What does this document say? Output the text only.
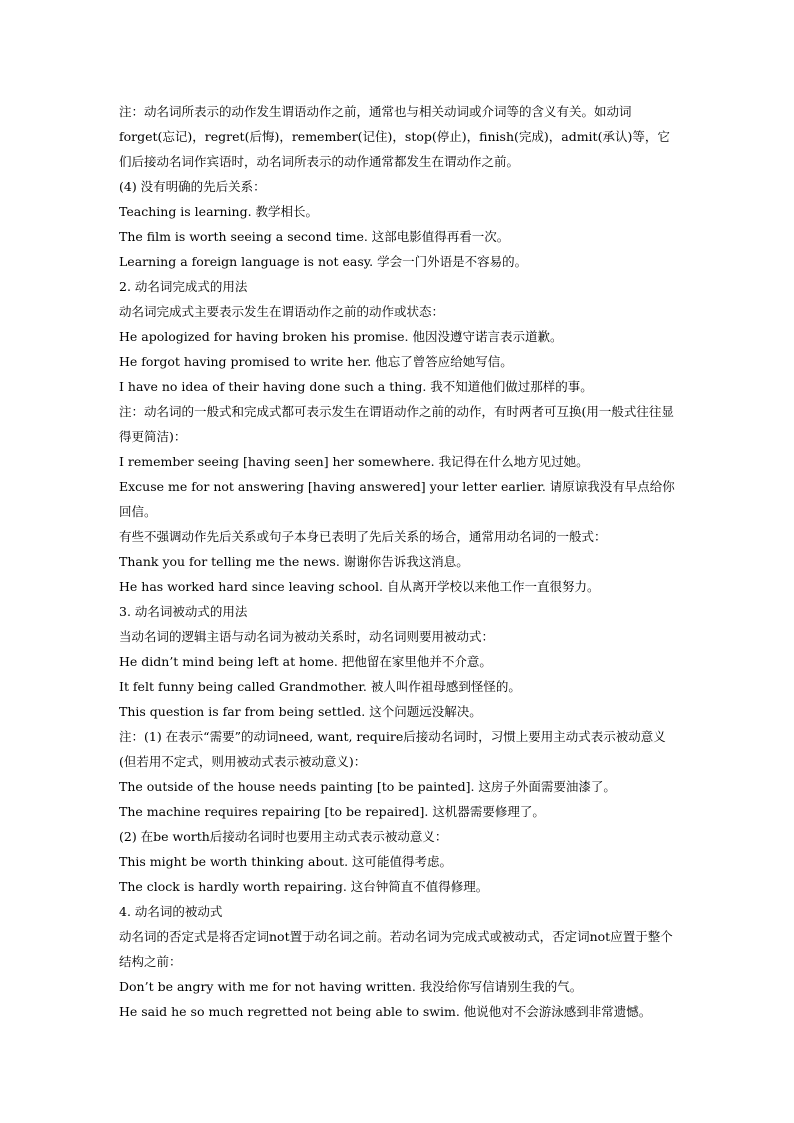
注：动名词所表示的动作发生谓语动作之前，通常也与相关动词或介词等的含义有关。如动词forget(忘记)，regret(后悔)，remember(记住)，stop(停止)，finish(完成)，admit(承认)等，它们后接动名词作宾语时，动名词所表示的动作通常都发生在谓动作之前。
(4) 没有明确的先后关系：
Teaching is learning. 教学相长。
The film is worth seeing a second time. 这部电影值得再看一次。
Learning a foreign language is not easy. 学会一门外语是不容易的。
2. 动名词完成式的用法
动名词完成式主要表示发生在谓语动作之前的动作或状态：
He apologized for having broken his promise. 他因没遵守诺言表示道歉。
He forgot having promised to write her. 他忘了曾答应给她写信。
I have no idea of their having done such a thing. 我不知道他们做过那样的事。
注：动名词的一般式和完成式都可表示发生在谓语动作之前的动作，有时两者可互换(用一般式往往显得更简洁)：
I remember seeing [having seen] her somewhere. 我记得在什么地方见过她。
Excuse me for not answering [having answered] your letter earlier. 请原谅我没有早点给你回信。
有些不强调动作先后关系或句子本身已表明了先后关系的场合，通常用动名词的一般式：
Thank you for telling me the news. 谢谢你告诉我这消息。
He has worked hard since leaving school. 自从离开学校以来他工作一直很努力。
3. 动名词被动式的用法
当动名词的逻辑主语与动名词为被动关系时，动名词则要用被动式：
He didn’t mind being left at home. 把他留在家里他并不介意。
It felt funny being called Grandmother. 被人叫作祖母感到怪怪的。
This question is far from being settled. 这个问题远没解决。
注：(1) 在表示“需要”的动词need, want, require后接动名词时，习惯上要用主动式表示被动意义(但若用不定式，则用被动式表示被动意义)：
The outside of the house needs painting [to be painted]. 这房子外面需要油漆了。
The machine requires repairing [to be repaired]. 这机器需要修理了。
(2) 在be worth后接动名词时也要用主动式表示被动意义：
This might be worth thinking about. 这可能值得考虑。
The clock is hardly worth repairing. 这台钟简直不值得修理。
4. 动名词的被动式
动名词的否定式是将否定词not置于动名词之前。若动名词为完成式或被动式，否定词not应置于整个结构之前：
Don’t be angry with me for not having written. 我没给你写信请别生我的气。
He said he so much regretted not being able to swim. 他说他对不会游泳感到非常遗憾。
